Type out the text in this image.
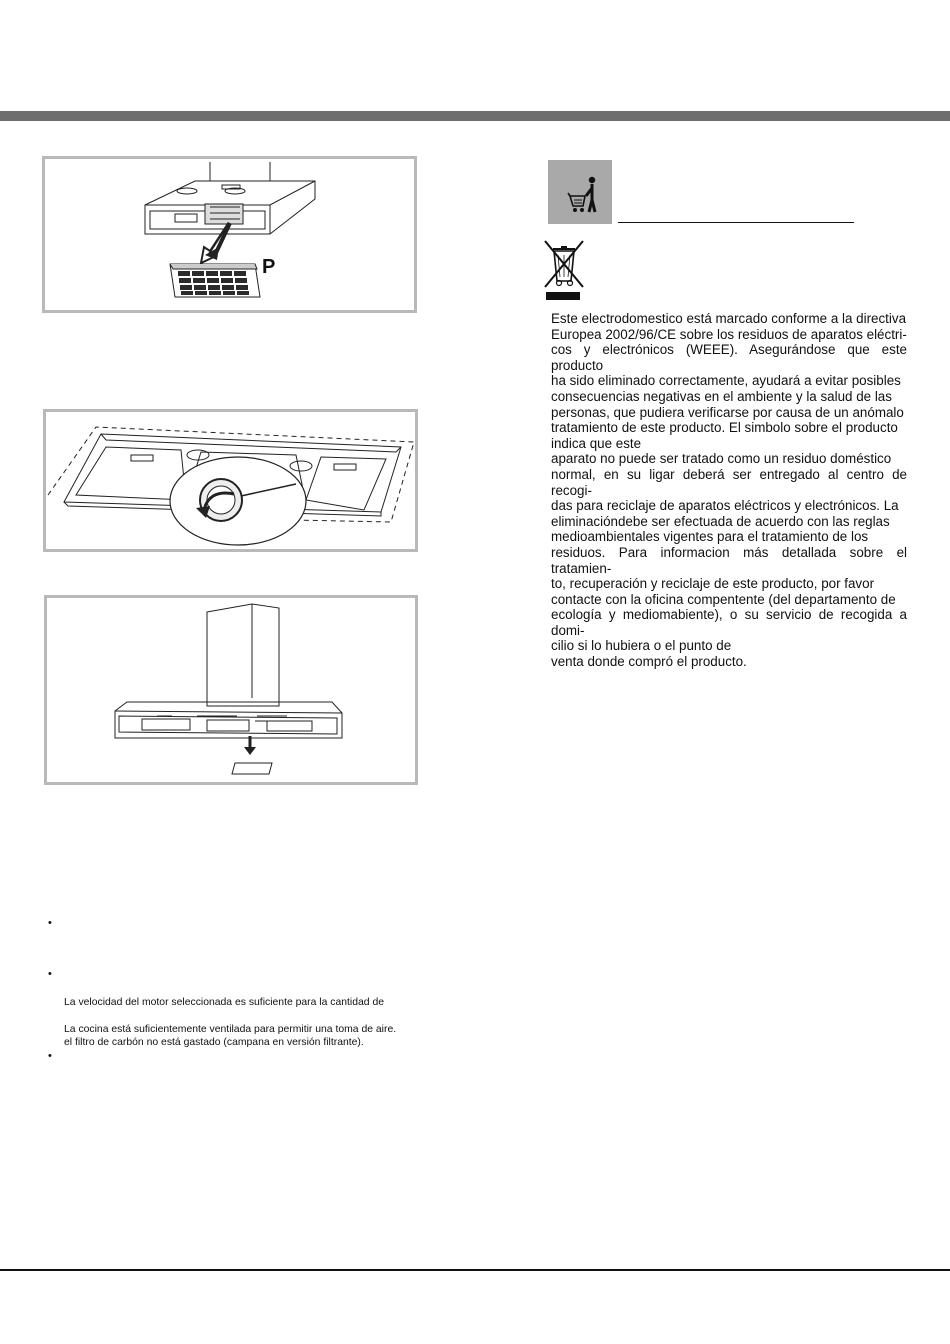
P
Este electrodomestico está marcado conforme a la directiva
Europea 2002/96/CE sobre los residuos de aparatos eléctri-
cos y electrónicos (WEEE). Asegurándose que este producto
ha sido eliminado correctamente, ayudará a evitar posibles
consecuencias negativas en el ambiente y la salud de las
personas, que pudiera verificarse por causa de un anómalo
tratamiento de este producto. El simbolo sobre el producto
indica que este
aparato no puede ser tratado como un residuo doméstico
normal, en su ligar deberá ser entregado al centro de recogi-
das para reciclaje de aparatos eléctricos y electrónicos. La
eliminacióndebe ser efectuada de acuerdo con las reglas
medioambientales vigentes para el tratamiento de los
residuos. Para informacion más detallada sobre el tratamien-
to, recuperación y reciclaje de este producto, por favor
contacte con la oficina compentente (del departamento de
ecología y mediomabiente), o su servicio de recogida a domi-
cilio si lo hubiera o el punto de
venta donde compró el producto.
•
•
La velocidad del motor seleccionada es suficiente para la cantidad de
La cocina está suficientemente ventilada para permitir una toma de aire.
el filtro de carbón no está gastado (campana en versión filtrante).
•
